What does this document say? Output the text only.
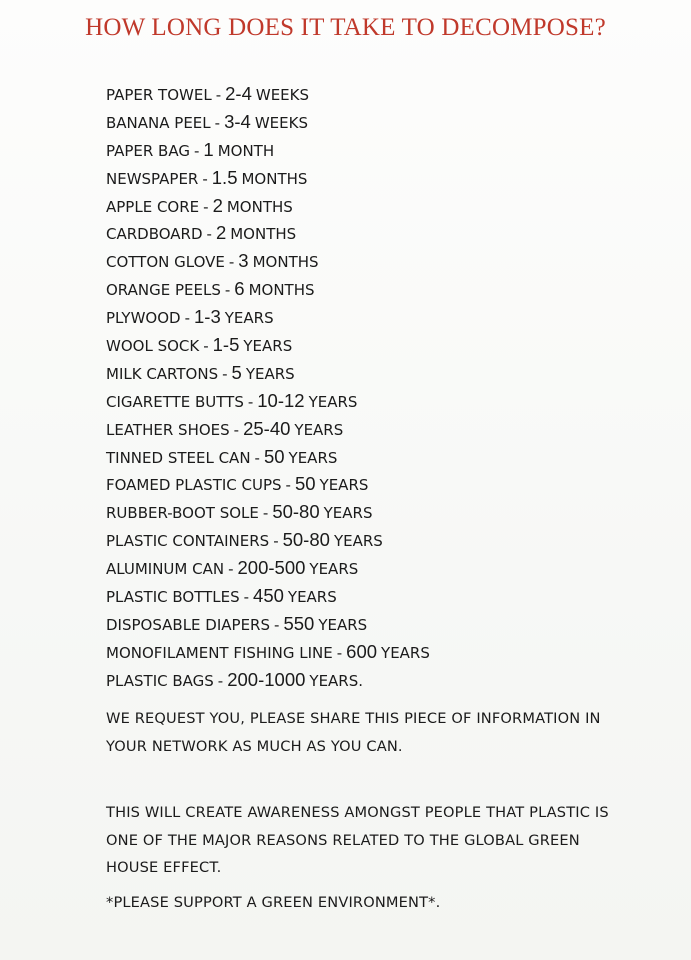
HOW LONG DOES IT TAKE TO DECOMPOSE?
PAPER TOWEL - 2-4 WEEKS
BANANA PEEL - 3-4 WEEKS
PAPER BAG - 1 MONTH
NEWSPAPER - 1.5 MONTHS
APPLE CORE - 2 MONTHS
CARDBOARD - 2 MONTHS
COTTON GLOVE - 3 MONTHS
ORANGE PEELS - 6 MONTHS
PLYWOOD - 1-3 YEARS
WOOL SOCK - 1-5 YEARS
MILK CARTONS - 5 YEARS
CIGARETTE BUTTS - 10-12 YEARS
LEATHER SHOES - 25-40 YEARS
TINNED STEEL CAN - 50 YEARS
FOAMED PLASTIC CUPS - 50 YEARS
RUBBER-BOOT SOLE - 50-80 YEARS
PLASTIC CONTAINERS - 50-80 YEARS
ALUMINUM CAN - 200-500 YEARS
PLASTIC BOTTLES - 450 YEARS
DISPOSABLE DIAPERS - 550 YEARS
MONOFILAMENT FISHING LINE - 600 YEARS
PLASTIC BAGS - 200-1000 YEARS.

WE REQUEST YOU, PLEASE SHARE THIS PIECE OF INFORMATION IN YOUR NETWORK AS MUCH AS YOU CAN.

THIS WILL CREATE AWARENESS AMONGST PEOPLE THAT PLASTIC IS ONE OF THE MAJOR REASONS RELATED TO THE GLOBAL GREEN HOUSE EFFECT.

*PLEASE SUPPORT A GREEN ENVIRONMENT*.
